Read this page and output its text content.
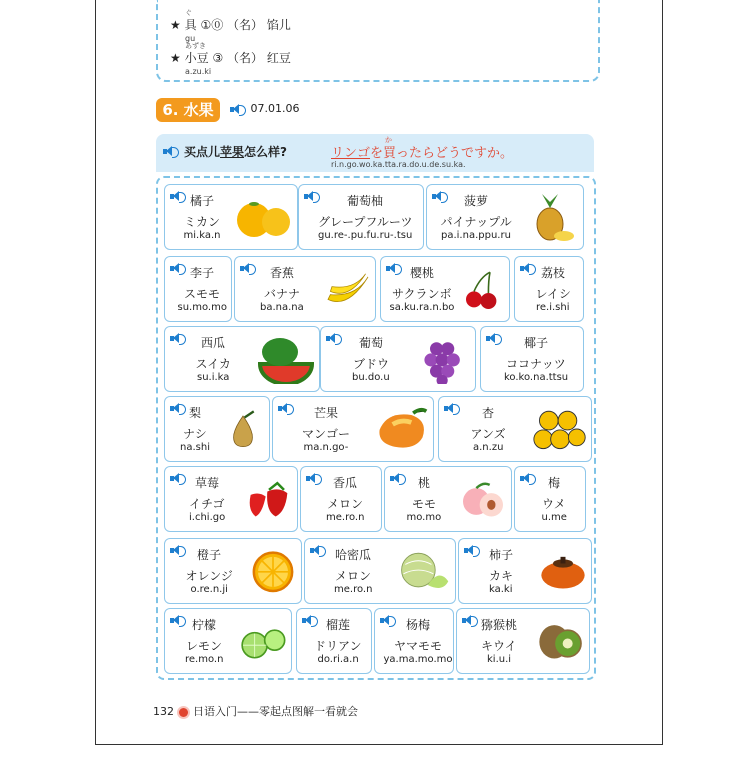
ぐ
★ 具 ①⓪ （名） 馅儿
gu
あずき
★ 小豆 ③ （名） 红豆
a.zu.ki
6. 水果	07.01.06
买点儿苹果怎么样?
か
リンゴを買ったらどうですか。
ri.n.go.wo.ka.tta.ra.do.u.de.su.ka.
橘子
ミカン
mi.ka.n
葡萄柚
グレープフルーツ
gu.re-.pu.fu.ru-.tsu
菠萝
パイナップル
pa.i.na.ppu.ru
李子
スモモ
su.mo.mo
香蕉
バナナ
ba.na.na
樱桃
サクランボ
sa.ku.ra.n.bo
荔枝
レイシ
re.i.shi
西瓜
スイカ
su.i.ka
葡萄
ブドウ
bu.do.u
椰子
ココナッツ
ko.ko.na.ttsu
梨
ナシ
na.shi
芒果
マンゴー
ma.n.go-
杏
アンズ
a.n.zu
草莓
イチゴ
i.chi.go
香瓜
メロン
me.ro.n
桃
モモ
mo.mo
梅
ウメ
u.me
橙子
オレンジ
o.re.n.ji
哈密瓜
メロン
me.ro.n
柿子
カキ
ka.ki
柠檬
レモン
re.mo.n
榴莲
ドリアン
do.ri.a.n
杨梅
ヤマモモ
ya.ma.mo.mo
猕猴桃
キウイ
ki.u.i
132 日语入门——零起点图解一看就会
